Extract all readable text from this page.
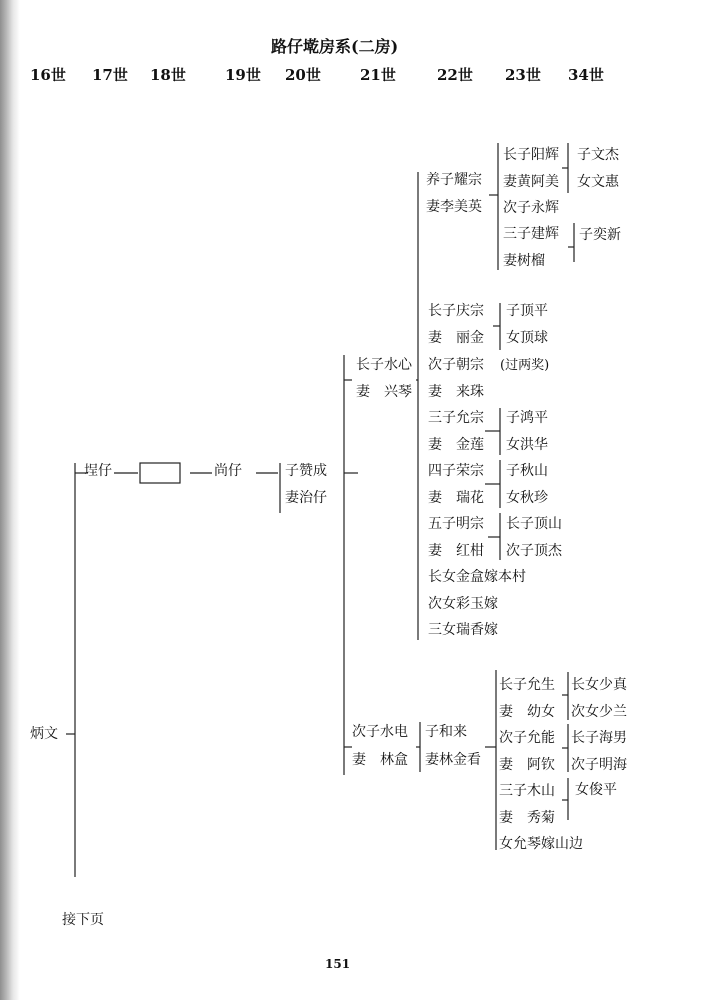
路仔墘房系(二房)
16世 17世 18世	19世 20世	21世	22世 23世 34世
炳文
埕仔	尚仔	子赞成
妻治仔
长子水心
妻　兴琴
次子水电
妻　林盒
养子耀宗
妻李美英
长子庆宗
妻　丽金
次子朝宗 (过两奖)
妻　来珠
三子允宗
妻　金莲
四子荣宗
妻　瑞花
五子明宗
妻　红柑
长女金盒嫁本村
次女彩玉嫁
三女瑞香嫁
子和来
妻林金看
长子阳辉
妻黄阿美
次子永辉
三子建辉
妻树榴
子顶平
女顶球
子鸿平
女洪华
子秋山
女秋珍
长子顶山
次子顶杰
长子允生
妻　幼女
次子允能
妻　阿钦
三子木山
妻　秀菊
女允琴嫁山边
子文杰
女文惠
子奕新
长女少真
次女少兰
长子海男
次子明海
女俊平
接下页
151
